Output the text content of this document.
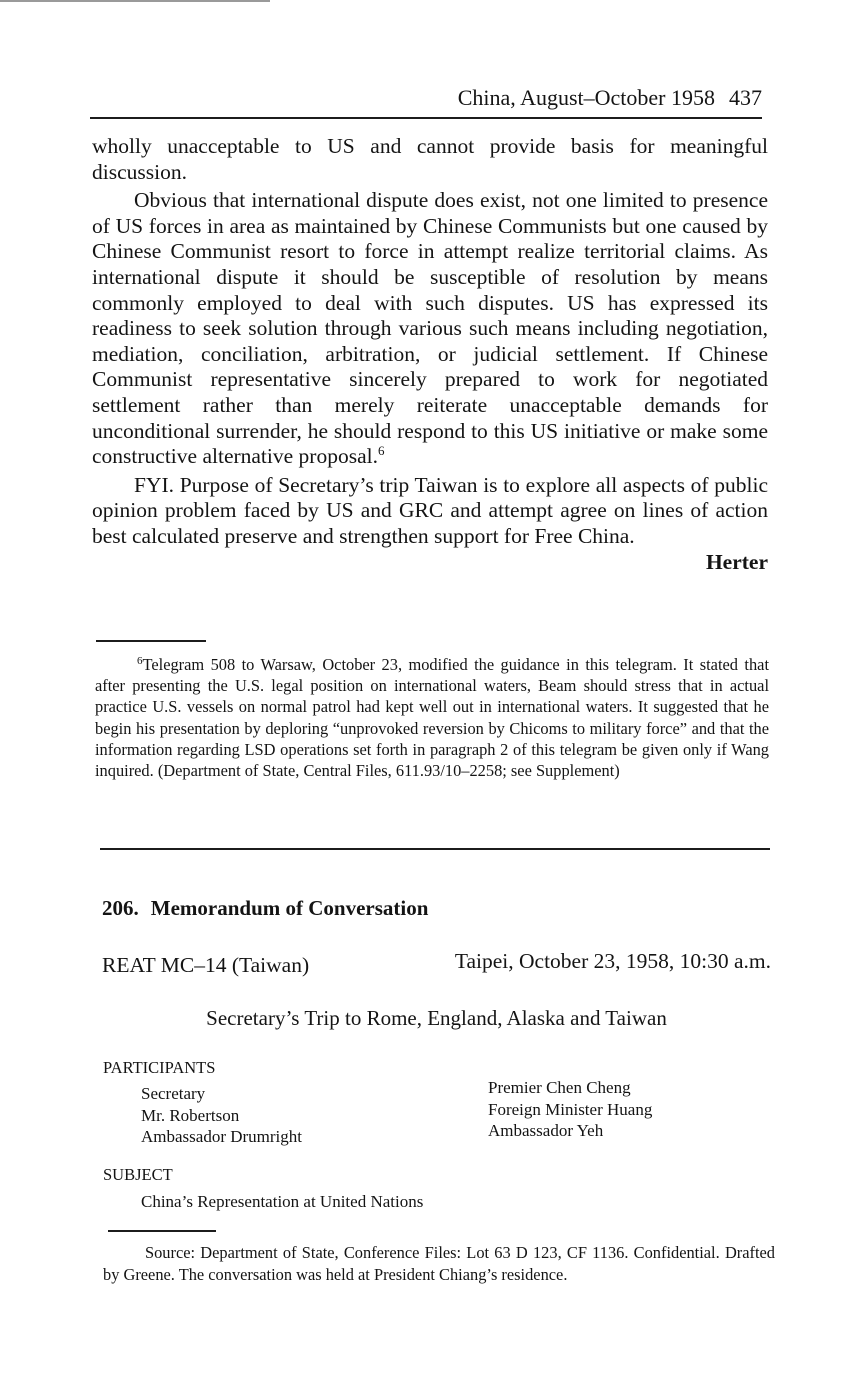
China, August–October 1958 437

wholly unacceptable to US and cannot provide basis for meaningful discussion.

Obvious that international dispute does exist, not one limited to presence of US forces in area as maintained by Chinese Communists but one caused by Chinese Communist resort to force in attempt realize territorial claims. As international dispute it should be susceptible of resolution by means commonly employed to deal with such disputes. US has expressed its readiness to seek solution through various such means including negotiation, mediation, conciliation, arbitration, or judicial settlement. If Chinese Communist representative sincerely prepared to work for negotiated settlement rather than merely reiterate unacceptable demands for unconditional surrender, he should respond to this US initiative or make some constructive alternative proposal.$^6$

FYI. Purpose of Secretary’s trip Taiwan is to explore all aspects of public opinion problem faced by US and GRC and attempt agree on lines of action best calculated preserve and strengthen support for Free China.

Herter

$^6$Telegram 508 to Warsaw, October 23, modified the guidance in this telegram. It stated that after presenting the U.S. legal position on international waters, Beam should stress that in actual practice U.S. vessels on normal patrol had kept well out in international waters. It suggested that he begin his presentation by deploring “unprovoked reversion by Chicoms to military force” and that the information regarding LSD operations set forth in paragraph 2 of this telegram be given only if Wang inquired. (Department of State, Central Files, 611.93/10–2258; see Supplement)

206. Memorandum of Conversation
REAT MC–14 (Taiwan)	Taipei, October 23, 1958, 10:30 a.m.
Secretary’s Trip to Rome, England, Alaska and Taiwan
PARTICIPANTS
Secretary
Mr. Robertson
Ambassador Drumright
Premier Chen Cheng
Foreign Minister Huang
Ambassador Yeh
SUBJECT
China’s Representation at United Nations

Source: Department of State, Conference Files: Lot 63 D 123, CF 1136. Confidential. Drafted by Greene. The conversation was held at President Chiang’s residence.
